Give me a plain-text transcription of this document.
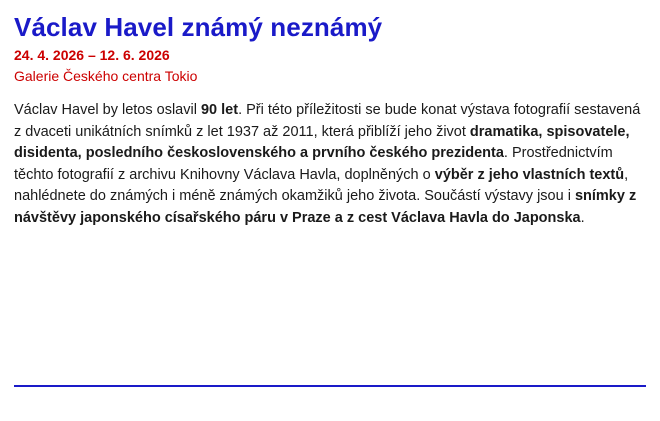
Václav Havel známý neznámý
24. 4. 2026 – 12. 6. 2026
Galerie Českého centra Tokio

Václav Havel by letos oslavil 90 let. Při této příležitosti se bude konat výstava fotografií sestavená z dvaceti unikátních snímků z let 1937 až 2011, která přiblíží jeho život dramatika, spisovatele, disidenta, posledního československého a prvního českého prezidenta. Prostřednictvím těchto fotografií z archivu Knihovny Václava Havla, doplněných o výběr z jeho vlastních textů, nahlédnete do známých i méně známých okamžiků jeho života. Součástí výstavy jsou i snímky z návštěvy japonského císařského páru v Praze a z cest Václava Havla do Japonska.
